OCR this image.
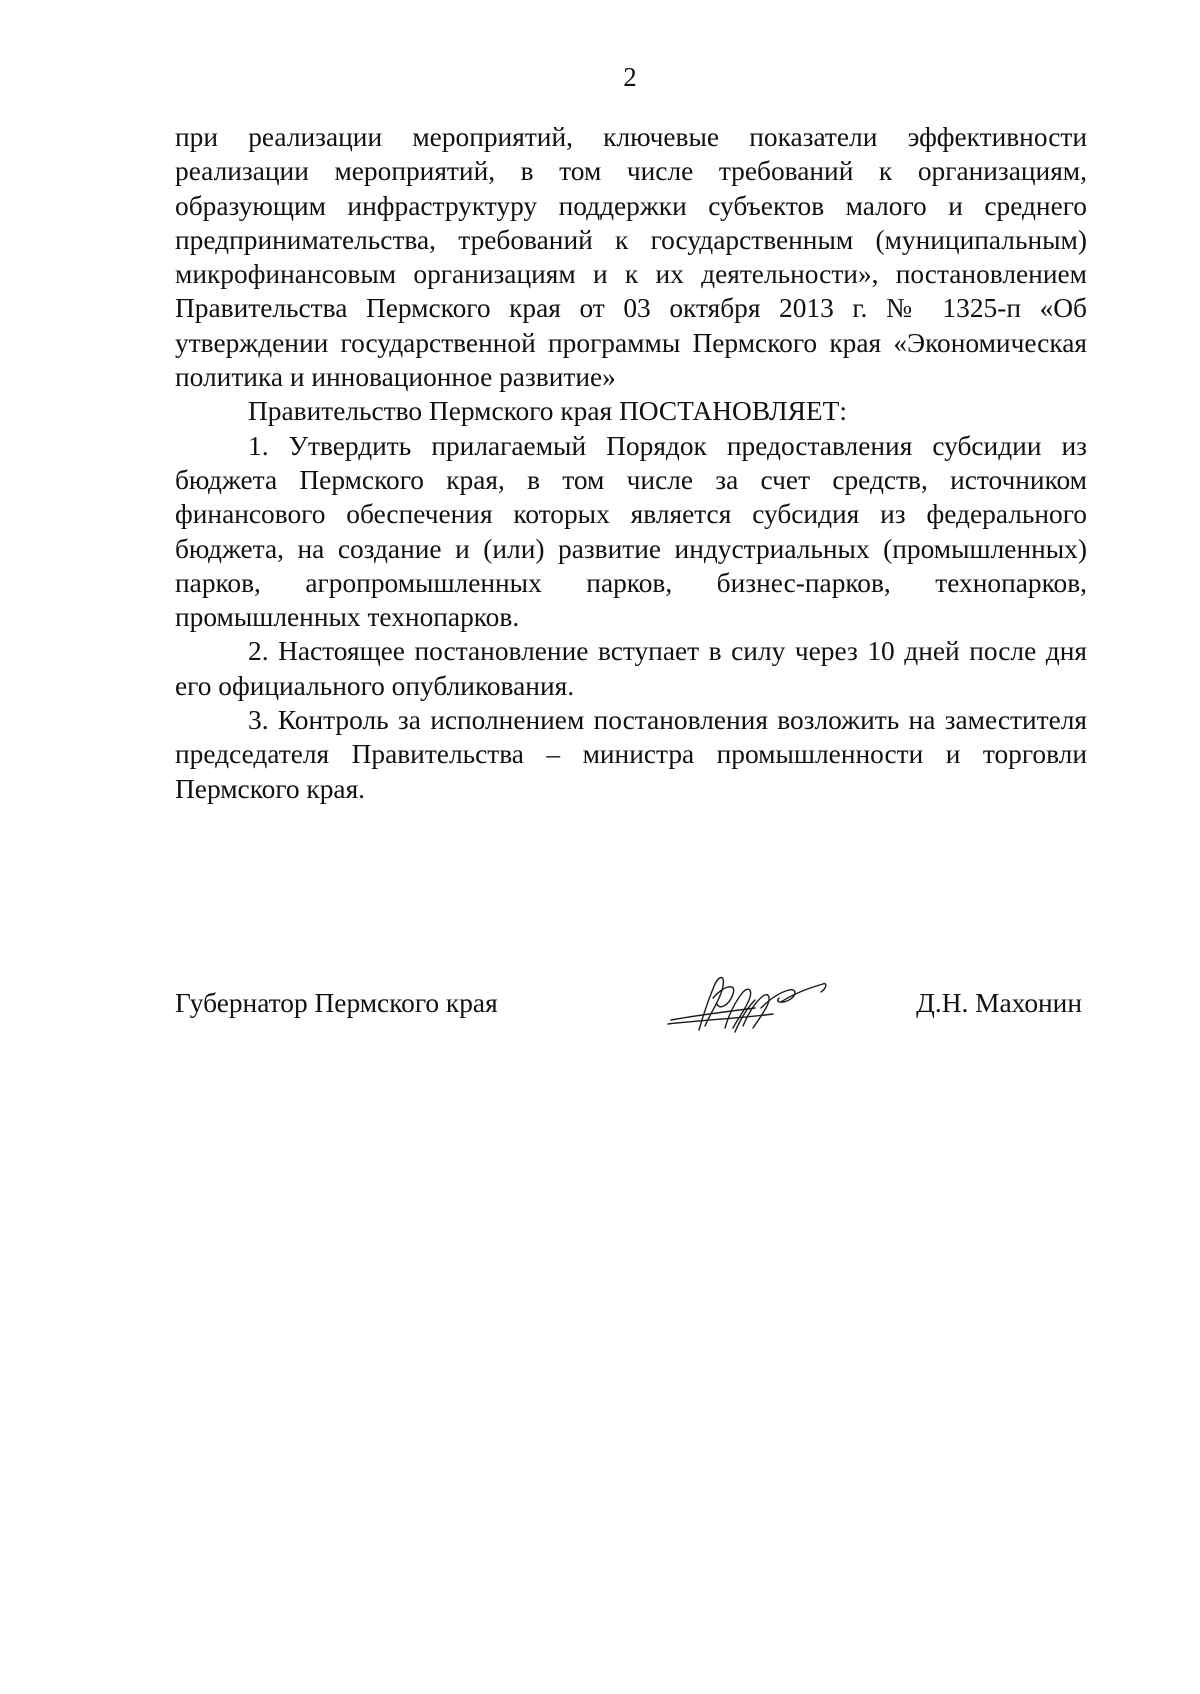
2

при реализации мероприятий, ключевые показатели эффективности реализации мероприятий, в том числе требований к организациям, образующим инфраструктуру поддержки субъектов малого и среднего предпринимательства, требований к государственным (муниципальным) микрофинансовым организациям и к их деятельности», постановлением Правительства Пермского края от 03 октября 2013 г. № 1325-п «Об утверждении государственной программы Пермского края «Экономическая политика и инновационное развитие»

Правительство Пермского края ПОСТАНОВЛЯЕТ:

1. Утвердить прилагаемый Порядок предоставления субсидии из бюджета Пермского края, в том числе за счет средств, источником финансового обеспечения которых является субсидия из федерального бюджета, на создание и (или) развитие индустриальных (промышленных) парков, агропромышленных парков, бизнес-парков, технопарков, промышленных технопарков.

2. Настоящее постановление вступает в силу через 10 дней после дня его официального опубликования.

3. Контроль за исполнением постановления возложить на заместителя председателя Правительства – министра промышленности и торговли Пермского края.

Губернатор Пермского края	Д.Н. Махонин
